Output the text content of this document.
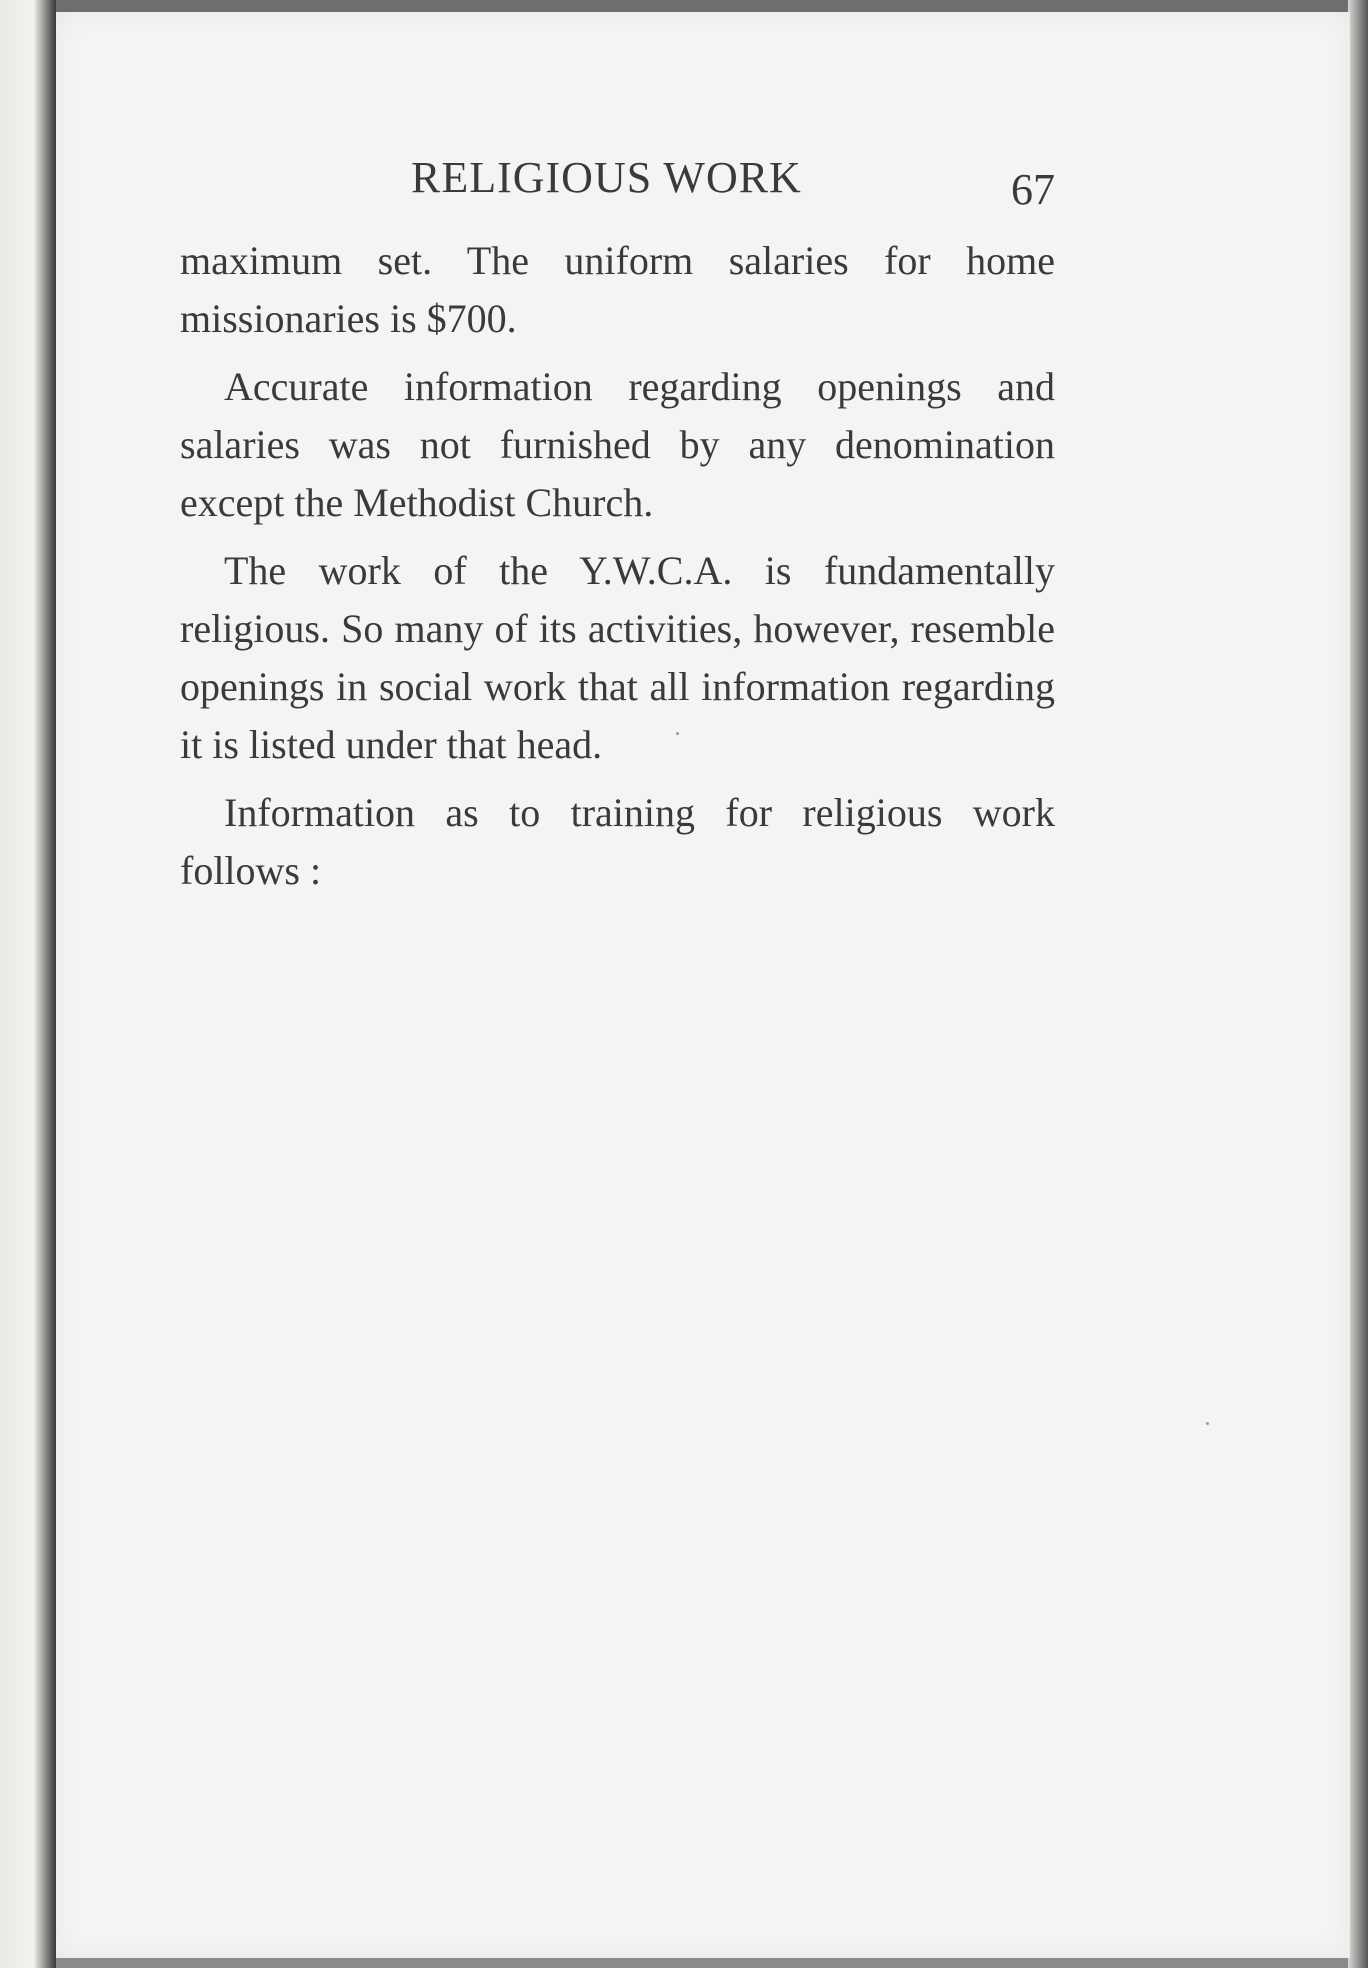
RELIGIOUS WORK	67

maximum set. The uniform salaries for home missionaries is $700.

Accurate information regarding openings and salaries was not furnished by any denomination except the Methodist Church.

The work of the Y.W.C.A. is fundamentally religious. So many of its activities, however, resemble openings in social work that all information regarding it is listed under that head.

Information as to training for religious work follows :
